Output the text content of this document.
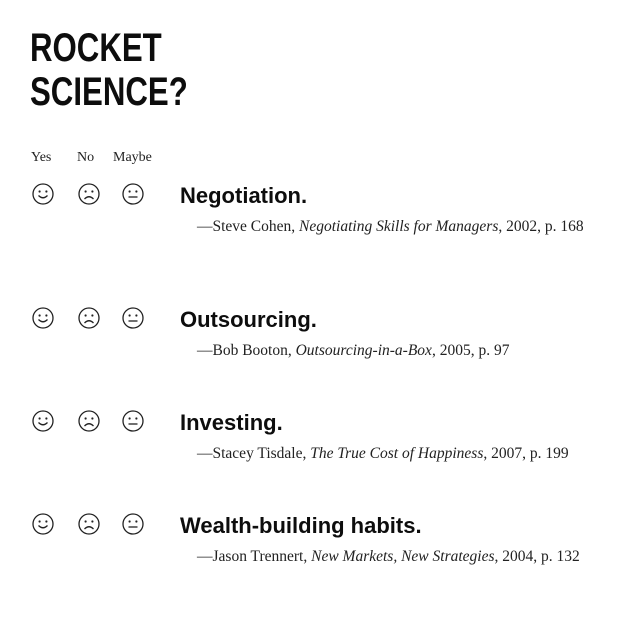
ROCKET
SCIENCE?
Yes No Maybe
Negotiation.
—Steve Cohen, Negotiating Skills for Managers, 2002, p. 168
Outsourcing.
—Bob Booton, Outsourcing-in-a-Box, 2005, p. 97
Investing.
—Stacey Tisdale, The True Cost of Happiness, 2007, p. 199
Wealth-building habits.
—Jason Trennert, New Markets, New Strategies, 2004, p. 132
